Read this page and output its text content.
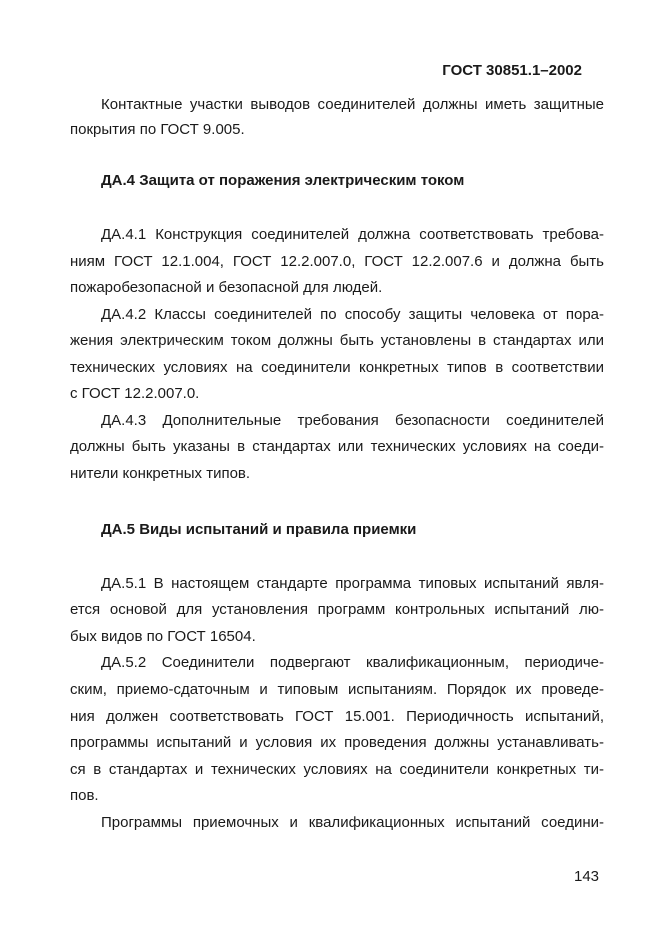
ГОСТ 30851.1–2002
Контактные участки выводов соединителей должны иметь защитные
покрытия по ГОСТ 9.005.
ДА.4 Защита от поражения электрическим током
ДА.4.1 Конструкция соединителей должна соответствовать требова-
ниям ГОСТ 12.1.004, ГОСТ 12.2.007.0, ГОСТ 12.2.007.6 и должна быть
пожаробезопасной и безопасной для людей.
ДА.4.2 Классы соединителей по способу защиты человека от пора-
жения электрическим током должны быть установлены в стандартах или
технических условиях на соединители конкретных типов в соответствии
с ГОСТ 12.2.007.0.
ДА.4.3 Дополнительные требования безопасности соединителей
должны быть указаны в стандартах или технических условиях на соеди-
нители конкретных типов.
ДА.5 Виды испытаний и правила приемки
ДА.5.1 В настоящем стандарте программа типовых испытаний явля-
ется основой для установления программ контрольных испытаний лю-
бых видов по ГОСТ 16504.
ДА.5.2 Соединители подвергают квалификационным, периодиче-
ским, приемо-сдаточным и типовым испытаниям. Порядок их проведе-
ния должен соответствовать ГОСТ 15.001. Периодичность испытаний,
программы испытаний и условия их проведения должны устанавливать-
ся в стандартах и технических условиях на соединители конкретных ти-
пов.
Программы приемочных и квалификационных испытаний соедини-
143
